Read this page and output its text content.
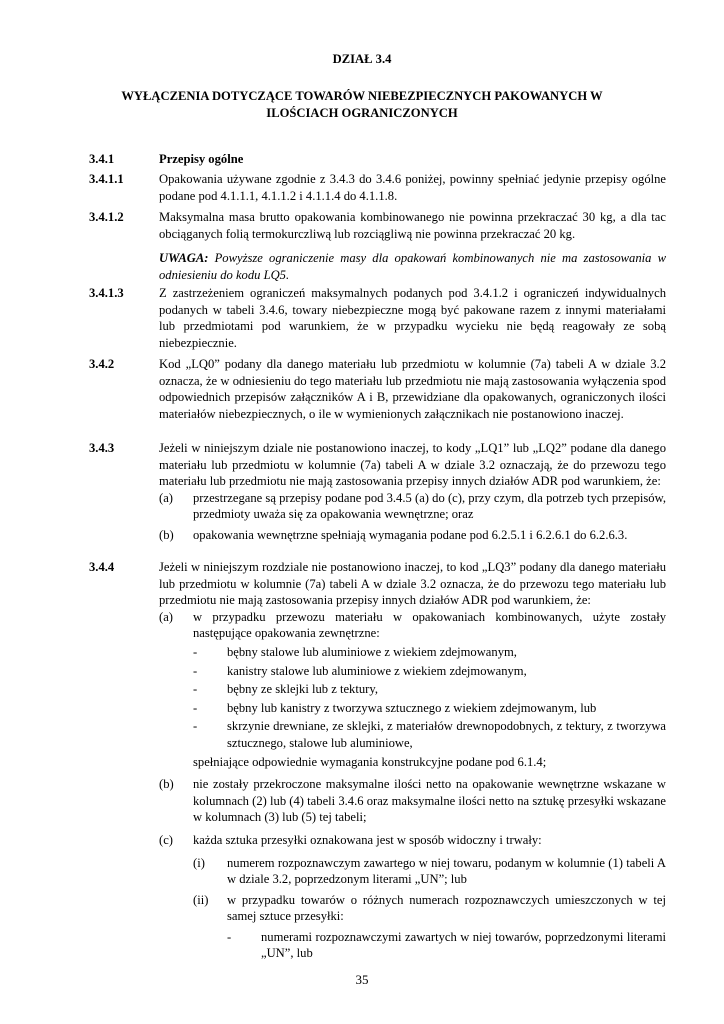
DZIAŁ 3.4
WYŁĄCZENIA DOTYCZĄCE TOWARÓW NIEBEZPIECZNYCH PAKOWANYCH W
ILOŚCIACH OGRANICZONYCH
3.4.1	Przepisy ogólne
3.4.1.1	Opakowania używane zgodnie z 3.4.3 do 3.4.6 poniżej, powinny spełniać jedynie przepisy ogólne podane pod 4.1.1.1, 4.1.1.2 i 4.1.1.4 do 4.1.1.8.
3.4.1.2	Maksymalna masa brutto opakowania kombinowanego nie powinna przekraczać 30 kg, a dla tac obciąganych folią termokurczliwą lub rozciągliwą nie powinna przekraczać 20 kg.
UWAGA: Powyższe ograniczenie masy dla opakowań kombinowanych nie ma zastosowania w odniesieniu do kodu LQ5.
3.4.1.3	Z zastrzeżeniem ograniczeń maksymalnych podanych pod 3.4.1.2 i ograniczeń indywidualnych podanych w tabeli 3.4.6, towary niebezpieczne mogą być pakowane razem z innymi materiałami lub przedmiotami pod warunkiem, że w przypadku wycieku nie będą reagowały ze sobą niebezpiecznie.
3.4.2	Kod „LQ0” podany dla danego materiału lub przedmiotu w kolumnie (7a) tabeli A w dziale 3.2 oznacza, że w odniesieniu do tego materiału lub przedmiotu nie mają zastosowania wyłączenia spod odpowiednich przepisów załączników A i B, przewidziane dla opakowanych, ograniczonych ilości materiałów niebezpiecznych, o ile w wymienionych załącznikach nie postanowiono inaczej.
3.4.3	Jeżeli w niniejszym dziale nie postanowiono inaczej, to kody „LQ1” lub „LQ2” podane dla danego materiału lub przedmiotu w kolumnie (7a) tabeli A w dziale 3.2 oznaczają, że do przewozu tego materiału lub przedmiotu nie mają zastosowania przepisy innych działów ADR pod warunkiem, że:
(a) przestrzegane są przepisy podane pod 3.4.5 (a) do (c), przy czym, dla potrzeb tych przepisów, przedmioty uważa się za opakowania wewnętrzne; oraz
(b) opakowania wewnętrzne spełniają wymagania podane pod 6.2.5.1 i 6.2.6.1 do 6.2.6.3.
3.4.4	Jeżeli w niniejszym rozdziale nie postanowiono inaczej, to kod „LQ3” podany dla danego materiału lub przedmiotu w kolumnie (7a) tabeli A w dziale 3.2 oznacza, że do przewozu tego materiału lub przedmiotu nie mają zastosowania przepisy innych działów ADR pod warunkiem, że:
(a) w przypadku przewozu materiału w opakowaniach kombinowanych, użyte zostały następujące opakowania zewnętrzne:
- bębny stalowe lub aluminiowe z wiekiem zdejmowanym,
- kanistry stalowe lub aluminiowe z wiekiem zdejmowanym,
- bębny ze sklejki lub z tektury,
- bębny lub kanistry z tworzywa sztucznego z wiekiem zdejmowanym, lub
- skrzynie drewniane, ze sklejki, z materiałów drewnopodobnych, z tektury, z tworzywa sztucznego, stalowe lub aluminiowe,
spełniające odpowiednie wymagania konstrukcyjne podane pod 6.1.4;
(b) nie zostały przekroczone maksymalne ilości netto na opakowanie wewnętrzne wskazane w kolumnach (2) lub (4) tabeli 3.4.6 oraz maksymalne ilości netto na sztukę przesyłki wskazane w kolumnach (3) lub (5) tej tabeli;
(c) każda sztuka przesyłki oznakowana jest w sposób widoczny i trwały:
(i) numerem rozpoznawczym zawartego w niej towaru, podanym w kolumnie (1) tabeli A w dziale 3.2, poprzedzonym literami „UN”; lub
(ii) w przypadku towarów o różnych numerach rozpoznawczych umieszczonych w tej samej sztuce przesyłki:
- numerami rozpoznawczymi zawartych w niej towarów, poprzedzonymi literami „UN”, lub
35
